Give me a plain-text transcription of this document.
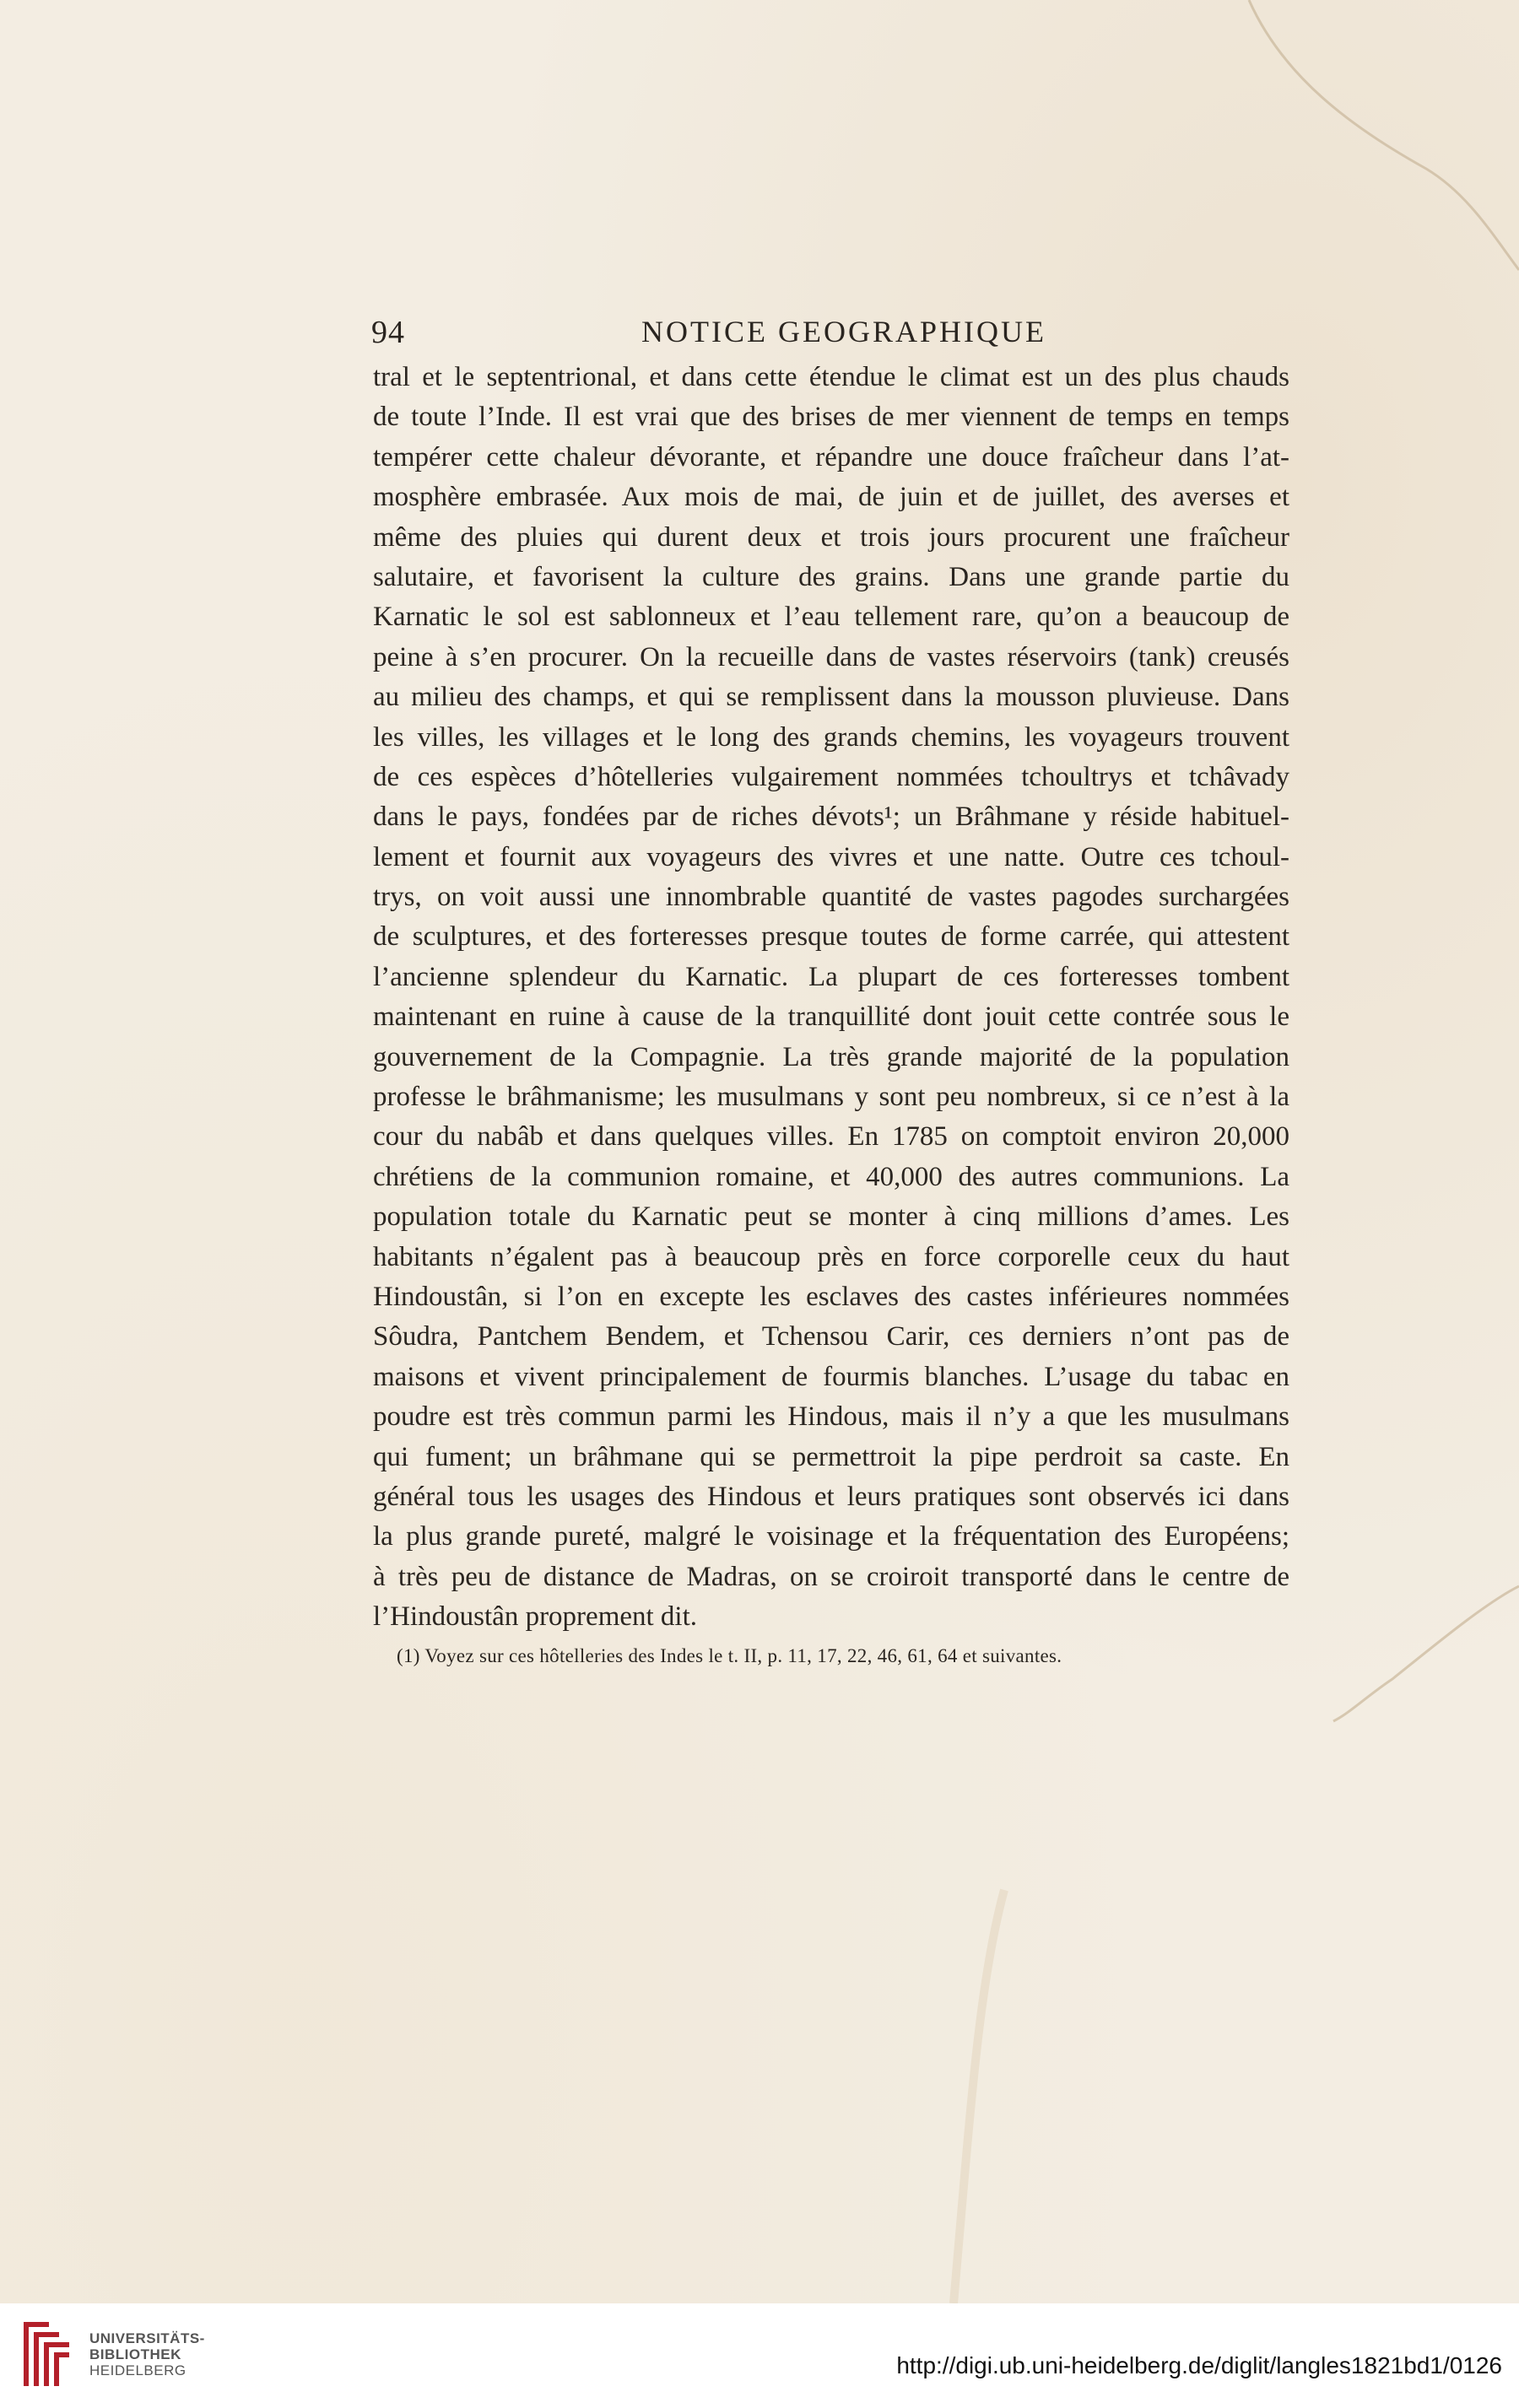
94	NOTICE GEOGRAPHIQUE
tral et le septentrional, et dans cette étendue le climat est un des plus chauds
de toute l’Inde. Il est vrai que des brises de mer viennent de temps en temps
tempérer cette chaleur dévorante, et répandre une douce fraîcheur dans l’at-
mosphère embrasée. Aux mois de mai, de juin et de juillet, des averses et
même des pluies qui durent deux et trois jours procurent une fraîcheur
salutaire, et favorisent la culture des grains. Dans une grande partie du
Karnatic le sol est sablonneux et l’eau tellement rare, qu’on a beaucoup de
peine à s’en procurer. On la recueille dans de vastes réservoirs (tank) creusés
au milieu des champs, et qui se remplissent dans la mousson pluvieuse. Dans
les villes, les villages et le long des grands chemins, les voyageurs trouvent
de ces espèces d’hôtelleries vulgairement nommées tchoultrys et tchâvady
dans le pays, fondées par de riches dévots¹; un Brâhmane y réside habituel-
lement et fournit aux voyageurs des vivres et une natte. Outre ces tchoul-
trys, on voit aussi une innombrable quantité de vastes pagodes surchargées
de sculptures, et des forteresses presque toutes de forme carrée, qui attestent
l’ancienne splendeur du Karnatic. La plupart de ces forteresses tombent
maintenant en ruine à cause de la tranquillité dont jouit cette contrée sous le
gouvernement de la Compagnie. La très grande majorité de la population
professe le brâhmanisme; les musulmans y sont peu nombreux, si ce n’est à la
cour du nabâb et dans quelques villes. En 1785 on comptoit environ 20,000
chrétiens de la communion romaine, et 40,000 des autres communions. La
population totale du Karnatic peut se monter à cinq millions d’ames. Les
habitants n’égalent pas à beaucoup près en force corporelle ceux du haut
Hindoustân, si l’on en excepte les esclaves des castes inférieures nommées
Sôudra, Pantchem Bendem, et Tchensou Carir, ces derniers n’ont pas de
maisons et vivent principalement de fourmis blanches. L’usage du tabac en
poudre est très commun parmi les Hindous, mais il n’y a que les musulmans
qui fument; un brâhmane qui se permettroit la pipe perdroit sa caste. En
général tous les usages des Hindous et leurs pratiques sont observés ici dans
la plus grande pureté, malgré le voisinage et la fréquentation des Européens;
à très peu de distance de Madras, on se croiroit transporté dans le centre de
l’Hindoustân proprement dit.
(1) Voyez sur ces hôtelleries des Indes le t. II, p. 11, 17, 22, 46, 61, 64 et suivantes.
UNIVERSITÄTS-
BIBLIOTHEK
HEIDELBERG	http://digi.ub.uni-heidelberg.de/diglit/langles1821bd1/0126
